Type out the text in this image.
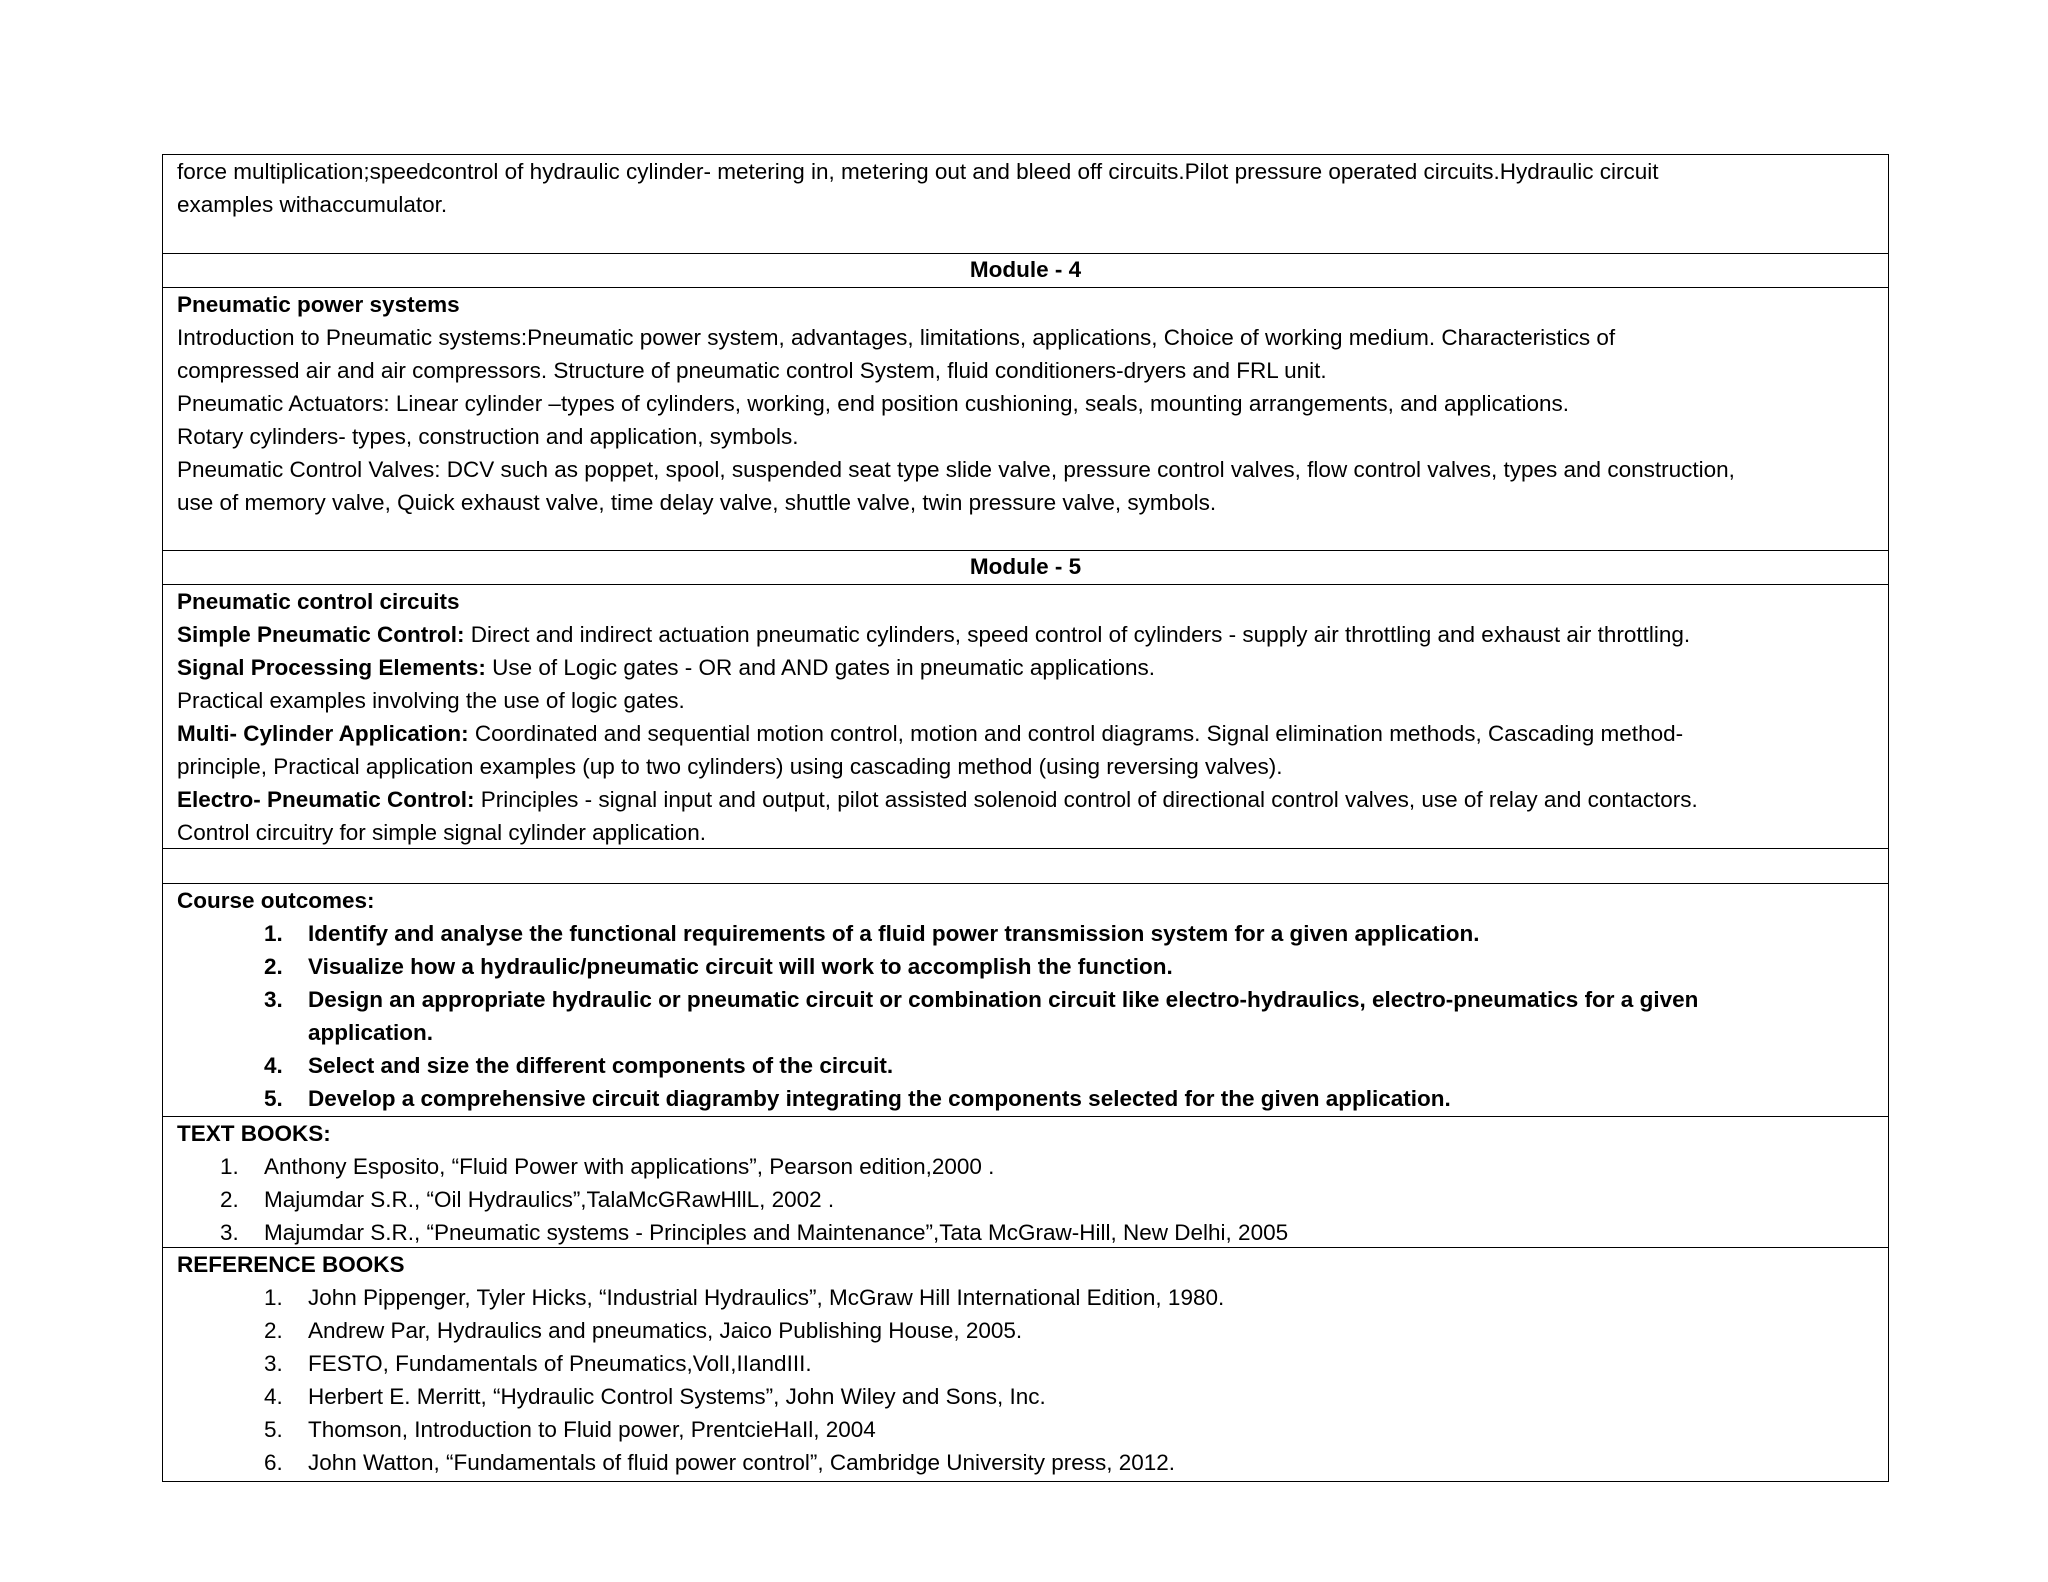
force multiplication;speedcontrol of hydraulic cylinder- metering in, metering out and bleed off circuits.Pilot pressure operated circuits.Hydraulic circuit

examples withaccumulator.

Module - 4

Pneumatic power systems

Introduction to Pneumatic systems:Pneumatic power system, advantages, limitations, applications, Choice of working medium. Characteristics of

compressed air and air compressors. Structure of pneumatic control System, fluid conditioners-dryers and FRL unit.

Pneumatic Actuators: Linear cylinder –types of cylinders, working, end position cushioning, seals, mounting arrangements, and applications.

Rotary cylinders- types, construction and application, symbols.

Pneumatic Control Valves: DCV such as poppet, spool, suspended seat type slide valve, pressure control valves, flow control valves, types and construction,

use of memory valve, Quick exhaust valve, time delay valve, shuttle valve, twin pressure valve, symbols.

Module - 5

Pneumatic control circuits

Simple Pneumatic Control: Direct and indirect actuation pneumatic cylinders, speed control of cylinders - supply air throttling and exhaust air throttling.

Signal Processing Elements: Use of Logic gates - OR and AND gates in pneumatic applications.

Practical examples involving the use of logic gates.

Multi- Cylinder Application: Coordinated and sequential motion control, motion and control diagrams. Signal elimination methods, Cascading method-

principle, Practical application examples (up to two cylinders) using cascading method (using reversing valves).

Electro- Pneumatic Control: Principles - signal input and output, pilot assisted solenoid control of directional control valves, use of relay and contactors.

Control circuitry for simple signal cylinder application.

Course outcomes:

1. Identify and analyse the functional requirements of a fluid power transmission system for a given application.
2. Visualize how a hydraulic/pneumatic circuit will work to accomplish the function.
3. Design an appropriate hydraulic or pneumatic circuit or combination circuit like electro-hydraulics, electro-pneumatics for a given
application.
4. Select and size the different components of the circuit.
5. Develop a comprehensive circuit diagramby integrating the components selected for the given application.

TEXT BOOKS:

1. Anthony Esposito, “Fluid Power with applications”, Pearson edition,2000 .
2. Majumdar S.R., “Oil Hydraulics”,TalaMcGRawHllL, 2002 .
3. Majumdar S.R., “Pneumatic systems - Principles and Maintenance”,Tata McGraw-Hill, New Delhi, 2005

REFERENCE BOOKS

1. John Pippenger, Tyler Hicks, “Industrial Hydraulics”, McGraw Hill International Edition, 1980.
2. Andrew Par, Hydraulics and pneumatics, Jaico Publishing House, 2005.
3. FESTO, Fundamentals of Pneumatics,VolI,IIandIII.
4. Herbert E. Merritt, “Hydraulic Control Systems”, John Wiley and Sons, Inc.
5. Thomson, Introduction to Fluid power, PrentcieHaIl, 2004
6. John Watton, “Fundamentals of fluid power control”, Cambridge University press, 2012.
